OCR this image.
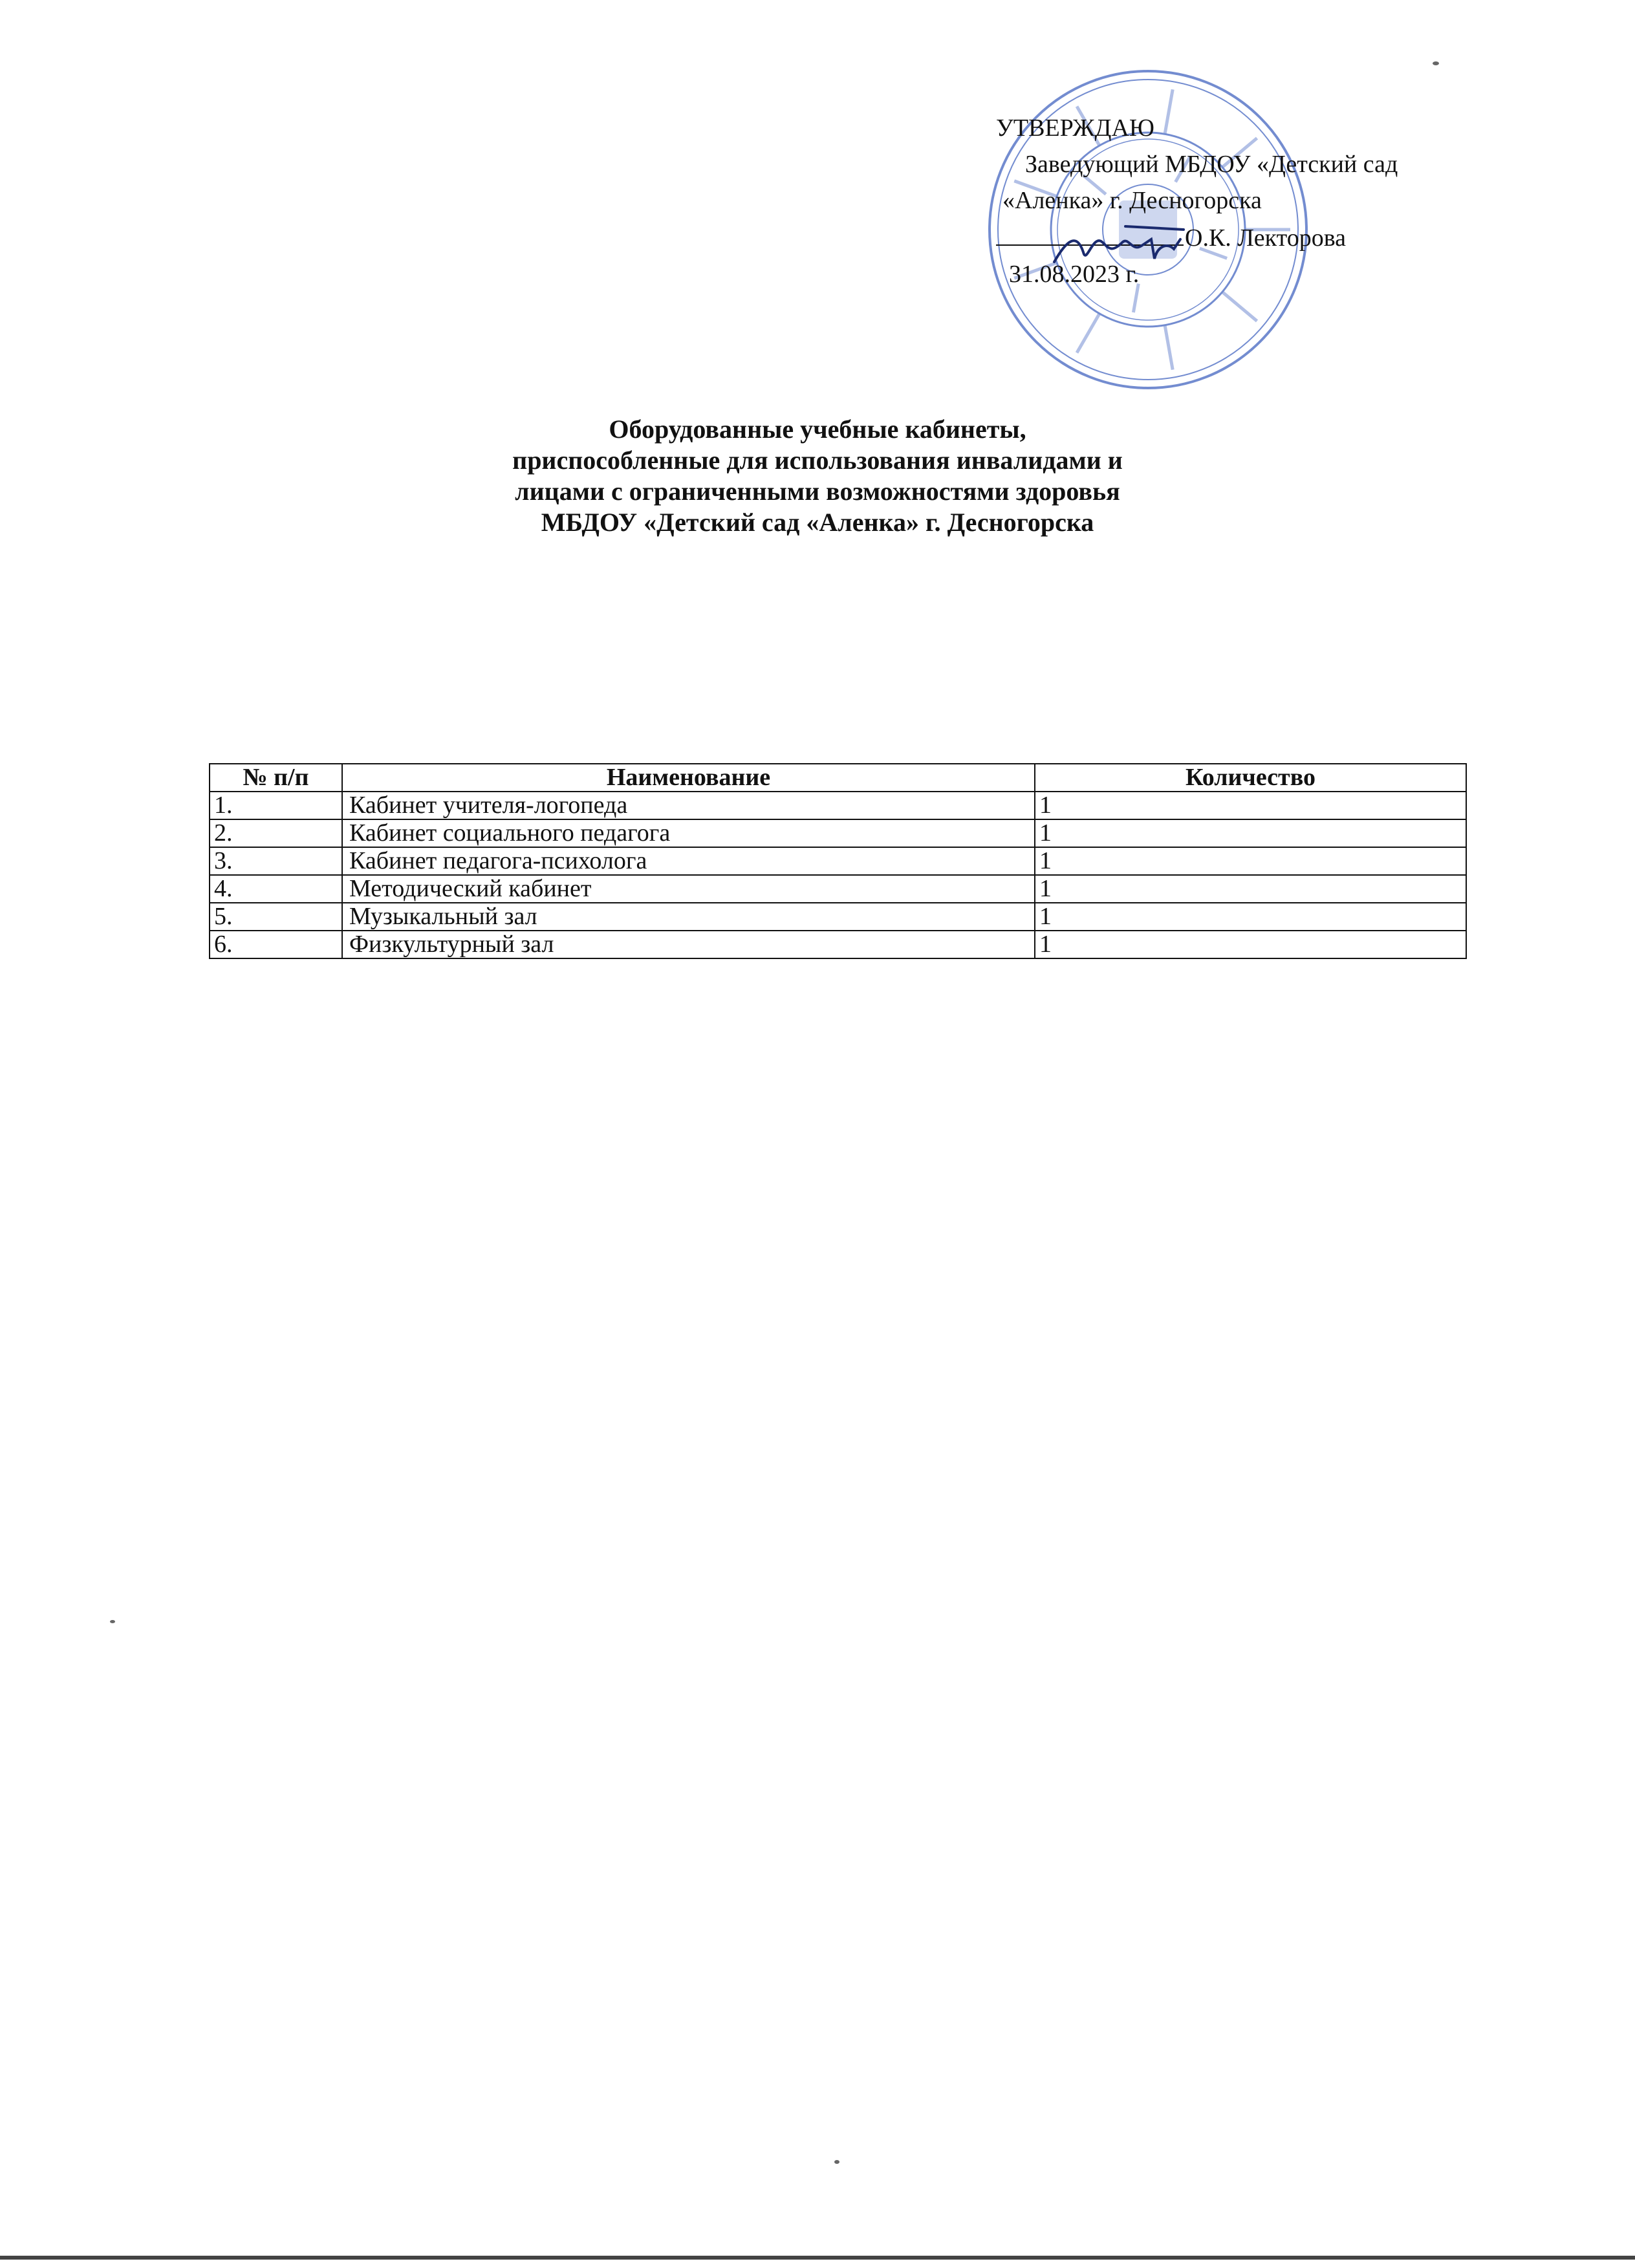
УТВЕРЖДАЮ
Заведующий МБДОУ «Детский сад
«Аленка» г. Десногорска
О.К. Лекторова
31.08.2023 г.
Оборудованные учебные кабинеты,
приспособленные для использования инвалидами и
лицами с ограниченными возможностями здоровья
МБДОУ «Детский сад «Аленка» г. Десногорска
№ п/п	Наименование	Количество
1.	Кабинет учителя-логопеда	1
2.	Кабинет социального педагога	1
3.	Кабинет педагога-психолога	1
4.	Методический кабинет	1
5.	Музыкальный зал	1
6.	Физкультурный зал	1
